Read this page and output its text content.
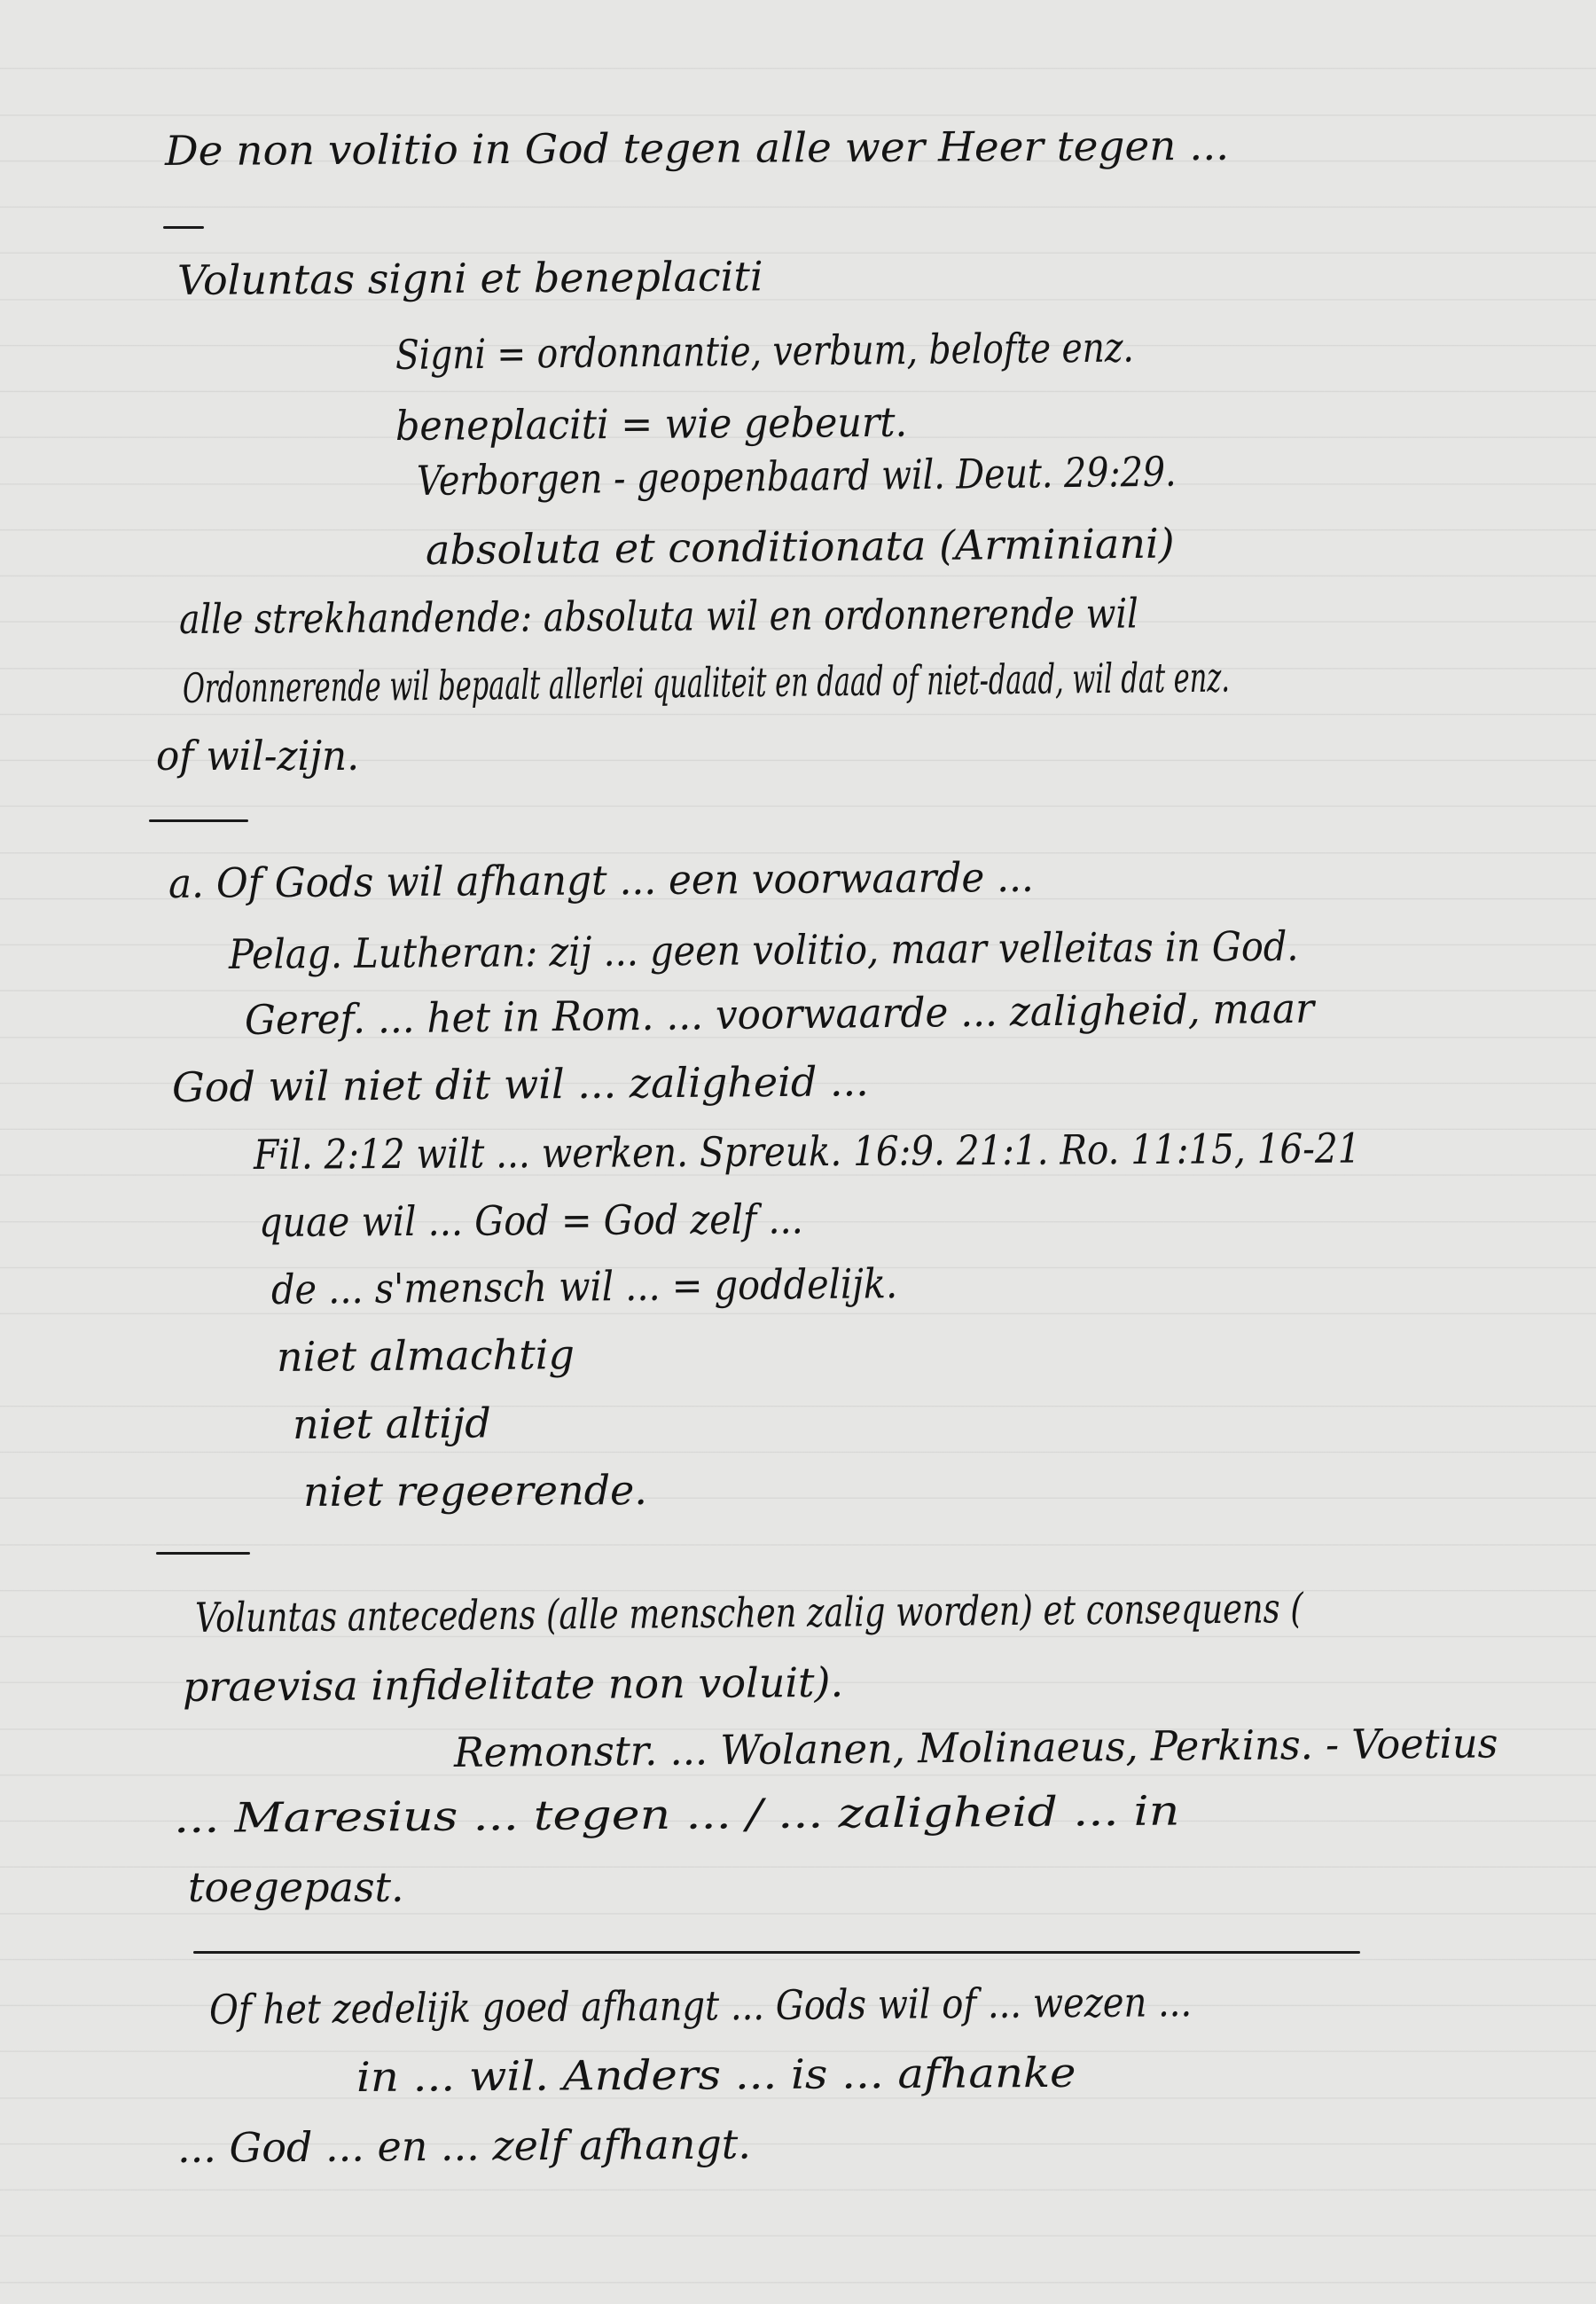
De non volitio in God tegen alle wer Heer tegen ...

Voluntas signi et beneplaciti

Signi = ordonnantie, verbum, belofte enz.

beneplaciti = wie gebeurt.

Verborgen - geopenbaard wil. Deut. 29:29.

absoluta et conditionata (Arminiani)

alle strekhandende: absoluta wil en ordonnerende wil

Ordonnerende wil bepaalt allerlei qualiteit en daad of niet-daad, wil dat enz.

of wil-zijn.

a. Of Gods wil afhangt ... een voorwaarde ...

Pelag. Lutheran: zij ... geen volitio, maar velleitas in God.

Geref. ... het in Rom. ... voorwaarde ... zaligheid, maar

God wil niet dit wil ... zaligheid ...

Fil. 2:12 wilt ... werken. Spreuk. 16:9. 21:1. Ro. 11:15, 16-21

quae wil ... God = God zelf ...

de ... s'mensch wil ... = goddelijk.

niet almachtig

niet altijd

niet regeerende.

Voluntas antecedens (alle menschen zalig worden) et consequens (

praevisa infidelitate non voluit).

Remonstr. ... Wolanen, Molinaeus, Perkins. - Voetius

... Maresius ... tegen ... / ... zaligheid ... in

toegepast.

Of het zedelijk goed afhangt ... Gods wil of ... wezen ...

in ... wil. Anders ... is ... afhanke

... God ... en ... zelf afhangt.
